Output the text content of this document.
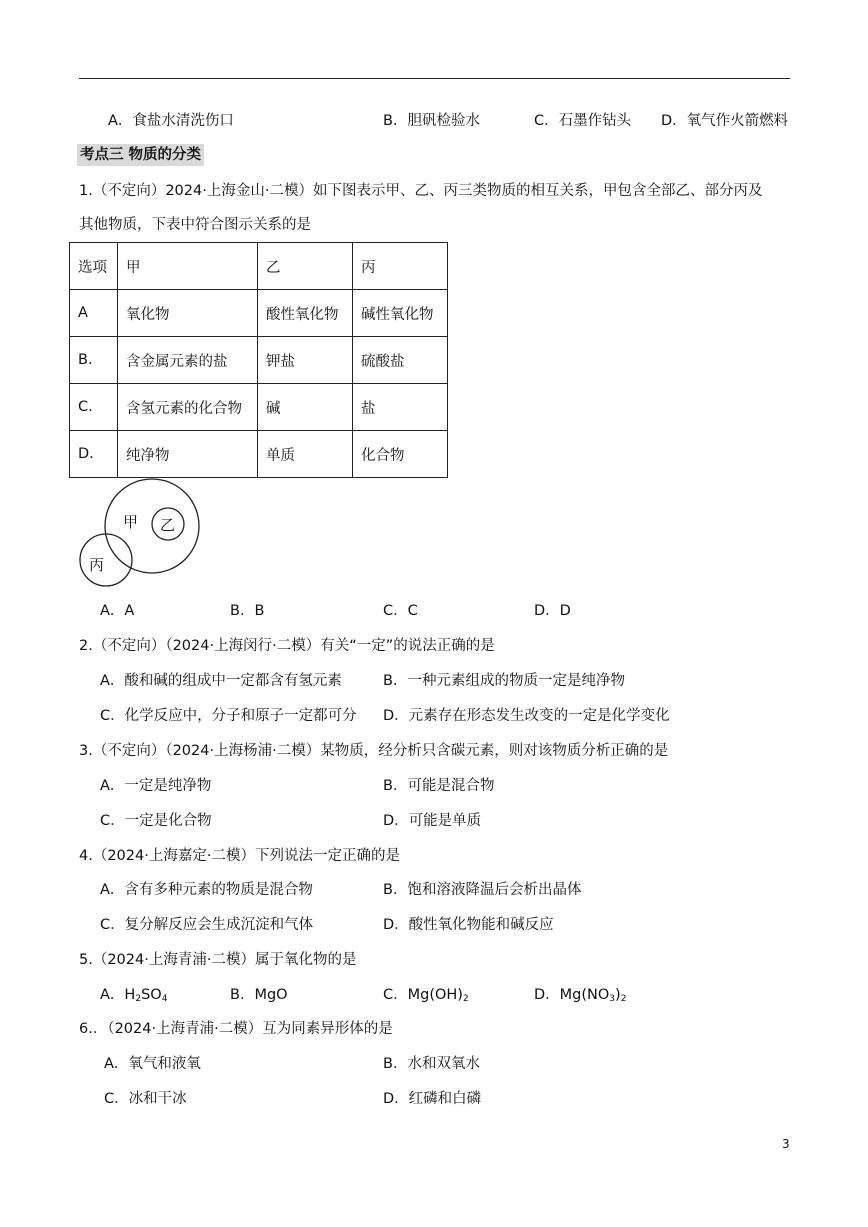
A．食盐水清洗伤口	B．胆矾检验水	C．石墨作钻头 D．氧气作火箭燃料
考点三 物质的分类
1.（不定向）2024·上海金山·二模）如下图表示甲、乙、丙三类物质的相互关系，甲包含全部乙、部分丙及
其他物质，下表中符合图示关系的是
选项	甲	乙	丙
A	氧化物	酸性氧化物	碱性氧化物
B.	含金属元素的盐	钾盐	硫酸盐
C.	含氢元素的化合物	碱	盐
D.	纯净物	单质	化合物
甲 乙
丙
A．A	B．B	C．C	D．D
2.（不定向）（2024·上海闵行·二模）有关“一定”的说法正确的是
A．酸和碱的组成中一定都含有氢元素	B．一种元素组成的物质一定是纯净物
C．化学反应中，分子和原子一定都可分 D．元素存在形态发生改变的一定是化学变化
3.（不定向）（2024·上海杨浦·二模）某物质，经分析只含碳元素，则对该物质分析正确的是
A．一定是纯净物	B．可能是混合物
C．一定是化合物	D．可能是单质
4.（2024·上海嘉定·二模）下列说法一定正确的是
A．含有多种元素的物质是混合物	B．饱和溶液降温后会析出晶体
C．复分解反应会生成沉淀和气体	D．酸性氧化物能和碱反应
5.（2024·上海青浦·二模）属于氧化物的是
A．$H_2SO_4$	B．MgO	C．$Mg(OH)_2$	D．$Mg(NO_3)_2$
6.．（2024·上海青浦·二模）互为同素异形体的是
A．氧气和液氧	B．水和双氧水
C．冰和干冰	D．红磷和白磷
3
